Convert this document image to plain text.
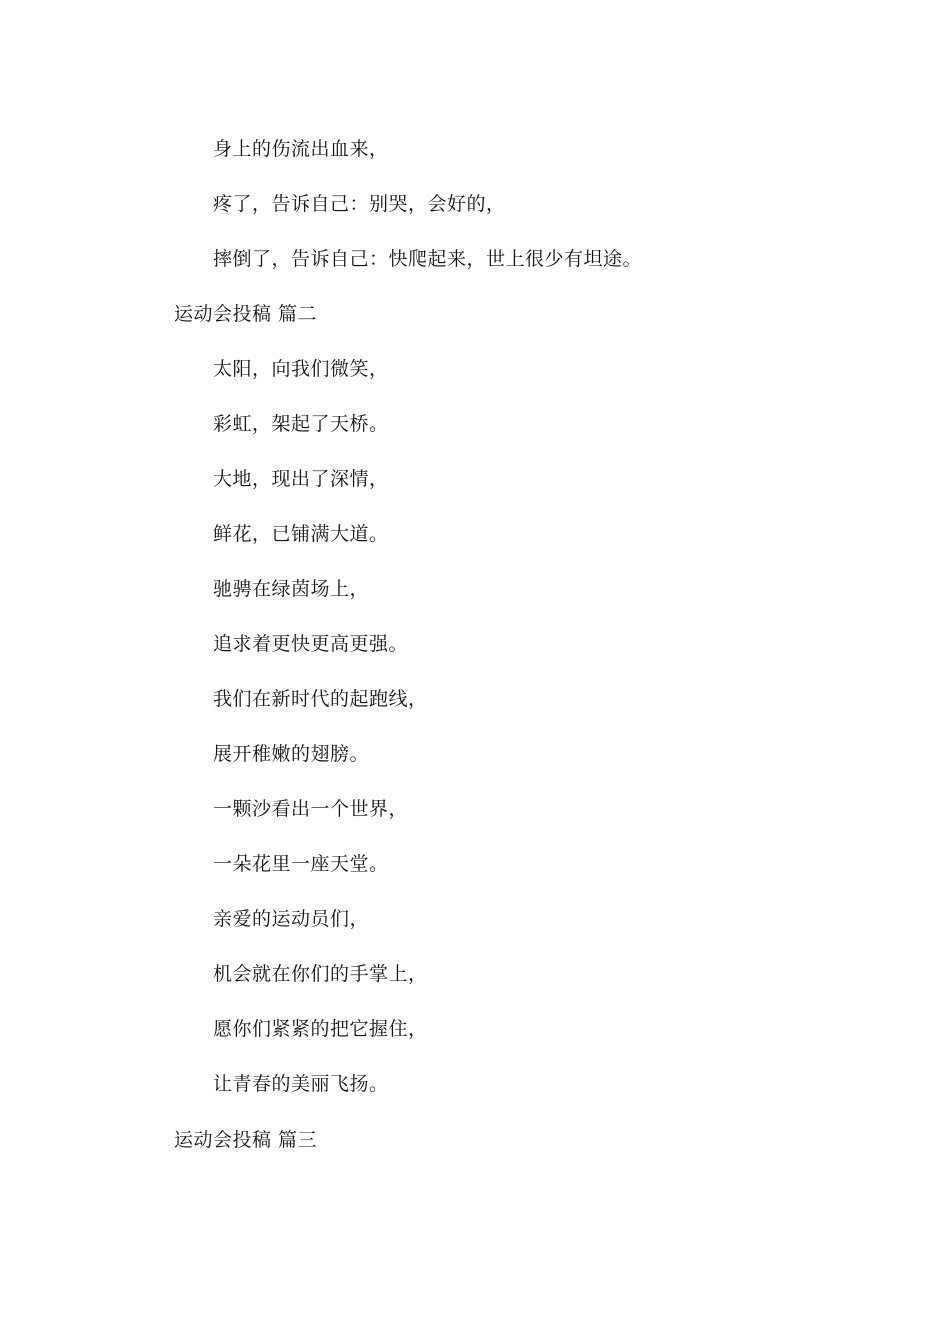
身上的伤流出血来，
疼了，告诉自己：别哭，会好的，
摔倒了，告诉自己：快爬起来，世上很少有坦途。
运动会投稿 篇二
太阳，向我们微笑，
彩虹，架起了天桥。
大地，现出了深情，
鲜花，已铺满大道。
驰骋在绿茵场上，
追求着更快更高更强。
我们在新时代的起跑线，
展开稚嫩的翅膀。
一颗沙看出一个世界，
一朵花里一座天堂。
亲爱的运动员们，
机会就在你们的手掌上，
愿你们紧紧的把它握住，
让青春的美丽飞扬。
运动会投稿 篇三
